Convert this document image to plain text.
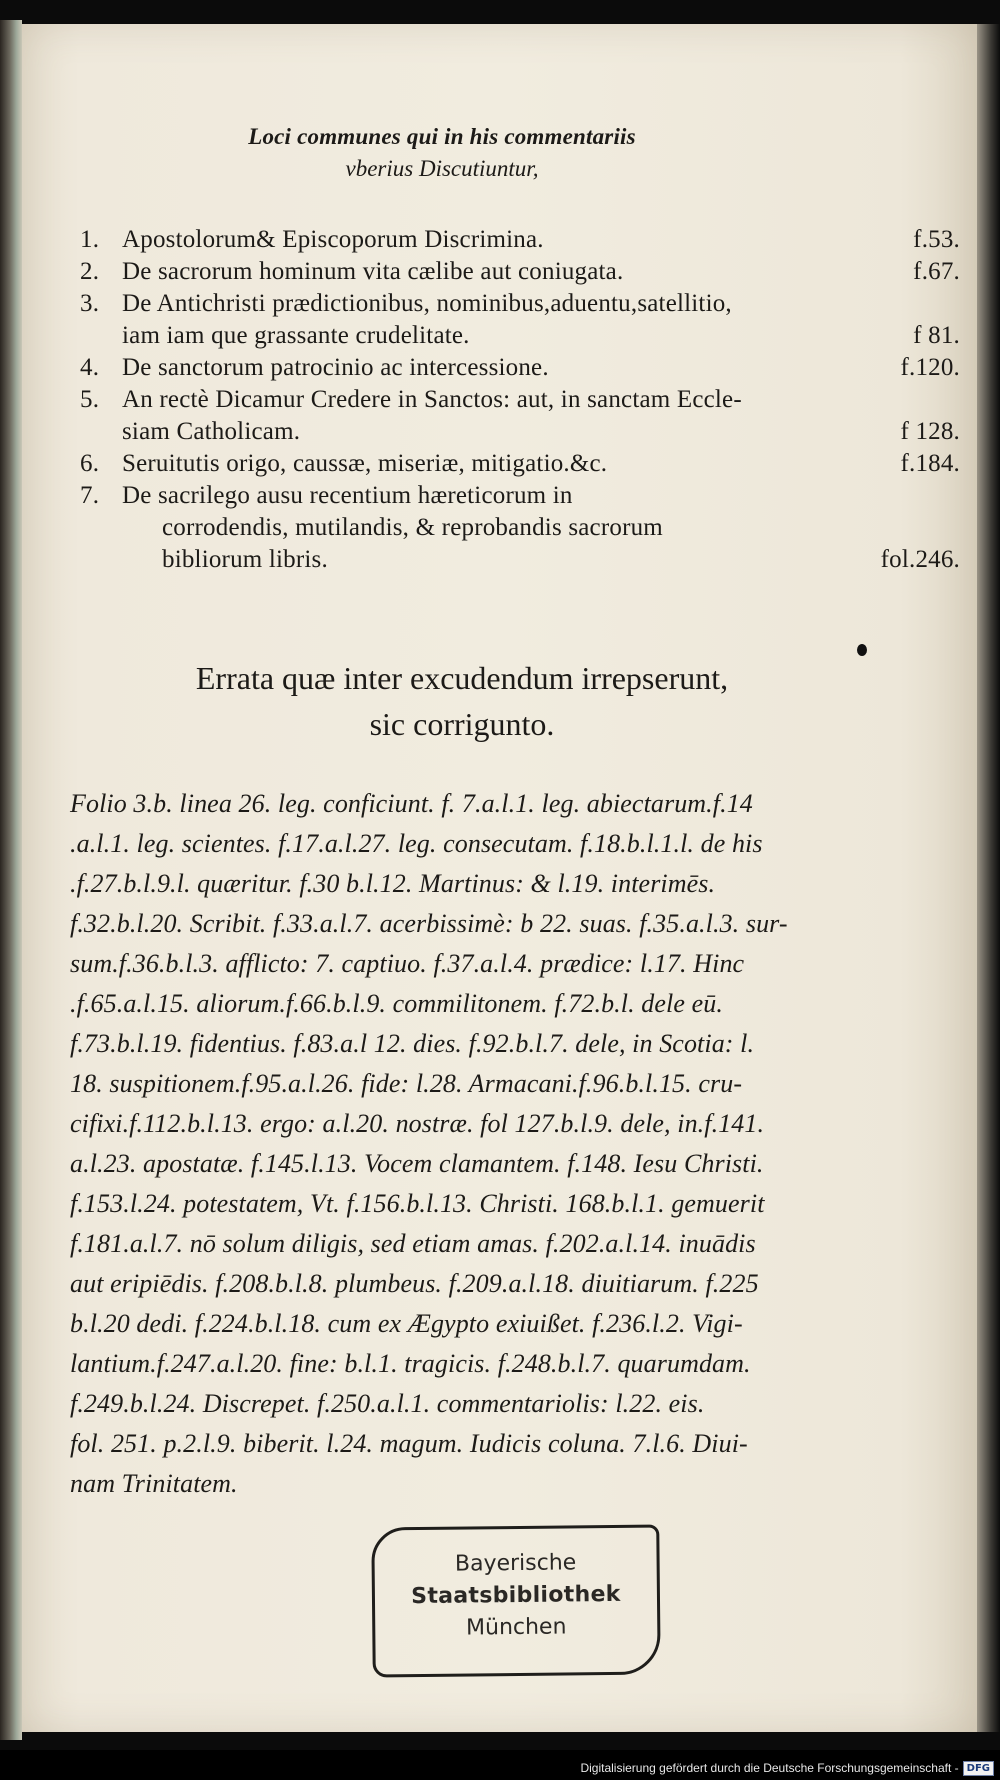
Loci communes qui in his commentariis
vberius Discutiuntur,
1. Apostolorum& Episcoporum Discrimina.	f.53.
2. De sacrorum hominum vita cælibe aut coniugata.	f.67.
3. De Antichristi prædictionibus, nominibus,aduentu,satellitio,
iam iam que grassante crudelitate.	f 81.
4. De sanctorum patrocinio ac intercessione.	f.120.
5. An rectè Dicamur Credere in Sanctos: aut, in sanctam Eccle-
siam Catholicam.	f 128.
6. Seruitutis origo, caussæ, miseriæ, mitigatio.&c.	f.184.
7. De sacrilego ausu recentium hæreticorum in
corrodendis, mutilandis, & reprobandis sacrorum
bibliorum libris.	fol.246.
Errata quæ inter excudendum irrepserunt,
sic corrigunto.
Folio 3.b. linea 26. leg. conficiunt. f. 7.a.l.1. leg. abiectarum.f.14
.a.l.1. leg. scientes. f.17.a.l.27. leg. consecutam. f.18.b.l.1.l. de his
.f.27.b.l.9.l. quæritur. f.30 b.l.12. Martinus: & l.19. interimēs.
f.32.b.l.20. Scribit. f.33.a.l.7. acerbissimè: b 22. suas. f.35.a.l.3. sur-
sum.f.36.b.l.3. afflicto: 7. captiuo. f.37.a.l.4. prædice: l.17. Hinc
.f.65.a.l.15. aliorum.f.66.b.l.9. commilitonem. f.72.b.l. dele eū.
f.73.b.l.19. fidentius. f.83.a.l 12. dies. f.92.b.l.7. dele, in Scotia: l.
18. suspitionem.f.95.a.l.26. fide: l.28. Armacani.f.96.b.l.15. cru-
cifixi.f.112.b.l.13. ergo: a.l.20. nostræ. fol 127.b.l.9. dele, in.f.141.
a.l.23. apostatæ. f.145.l.13. Vocem clamantem. f.148. Iesu Christi.
f.153.l.24. potestatem, Vt. f.156.b.l.13. Christi. 168.b.l.1. gemuerit
f.181.a.l.7. nō solum diligis, sed etiam amas. f.202.a.l.14. inuādis
aut eripiēdis. f.208.b.l.8. plumbeus. f.209.a.l.18. diuitiarum. f.225
b.l.20 dedi. f.224.b.l.18. cum ex Ægypto exiuißet. f.236.l.2. Vigi-
lantium.f.247.a.l.20. fine: b.l.1. tragicis. f.248.b.l.7. quarumdam.
f.249.b.l.24. Discrepet. f.250.a.l.1. commentariolis: l.22. eis.
fol. 251. p.2.l.9. biberit. l.24. magum. Iudicis coluna. 7.l.6. Diui-
nam Trinitatem.
Bayerische
Staatsbibliothek
München
Digitalisierung gefördert durch die Deutsche Forschungsgemeinschaft - DFG
